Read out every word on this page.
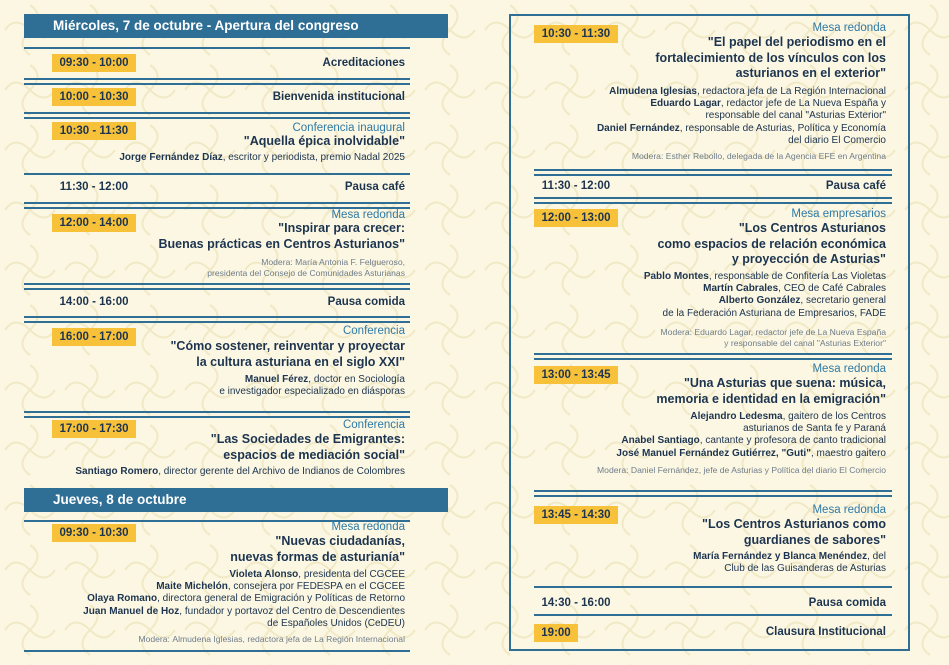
Miércoles, 7 de octubre - Apertura del congreso
09:30 - 10:00	Acreditaciones
10:00 - 10:30	Bienvenida institucional
10:30 - 11:30	Conferencia inaugural
"Aquella épica inolvidable"
Jorge Fernández Díaz, escritor y periodista, premio Nadal 2025
11:30 - 12:00	Pausa café
12:00 - 14:00
Mesa redonda
"Inspirar para crecer:
Buenas prácticas en Centros Asturianos"
Modera: María Antonia F. Felgueroso,
presidenta del Consejo de Comunidades Asturianas
14:00 - 16:00	Pausa comida
16:00 - 17:00	Conferencia
"Cómo sostener, reinventar y proyectar
la cultura asturiana en el siglo XXI"
Manuel Férez, doctor en Sociología
e investigador especializado en diásporas
17:00 - 17:30	Conferencia
"Las Sociedades de Emigrantes:
espacios de mediación social"
Santiago Romero, director gerente del Archivo de Indianos de Colombres
Jueves, 8 de octubre
09:30 - 10:30	Mesa redonda
"Nuevas ciudadanías,
nuevas formas de asturianía"
Violeta Alonso, presidenta del CGCEE
Maite Michelón, consejera por FEDESPA en el CGCEE
Olaya Romano, directora general de Emigración y Políticas de Retorno
Juan Manuel de Hoz, fundador y portavoz del Centro de Descendientes
de Españoles Unidos (CeDEU)
Moderа: Almudena Iglesias, redactora jefa de La Región Internacional
10:30 - 11:30	Mesa redonda
"El papel del periodismo en el
fortalecimiento de los vínculos con los
asturianos en el exterior"
Almudena Iglesias, redactora jefa de La Región Internacional
Eduardo Lagar, redactor jefe de La Nueva España y
responsable del canal "Asturias Exterior"
Daniel Fernández, responsable de Asturias, Política y Economía
del diario El Comercio
Modera: Esther Rebollo, delegada de la Agencia EFE en Argentina
11:30 - 12:00	Pausa café
12:00 - 13:00	Mesa empresarios
"Los Centros Asturianos
como espacios de relación económica
y proyección de Asturias"
Pablo Montes, responsable de Confitería Las Violetas
Martín Cabrales, CEO de Café Cabrales
Alberto González, secretario general
de la Federación Asturiana de Empresarios, FADE
Modera: Eduardo Lagar, redactor jefe de La Nueva España
y responsable del canal "Asturias Exterior"
13:00 - 13:45	Mesa redonda
"Una Asturias que suena: música,
memoria e identidad en la emigración"
Alejandro Ledesma, gaitero de los Centros
asturianos de Santa fe y Paraná
Anabel Santiago, cantante y profesora de canto tradicional
José Manuel Fernández Gutiérrez, "Guti", maestro gaitero
Modera: Daniel Fernández, jefe de Asturias y Política del diario El Comercio
13:45 - 14:30	Mesa redonda
"Los Centros Asturianos como
guardianes de sabores"
María Fernández y Blanca Menéndez, del
Club de las Guisanderas de Asturias
14:30 - 16:00	Pausa comida
19:00	Clausura Institucional
